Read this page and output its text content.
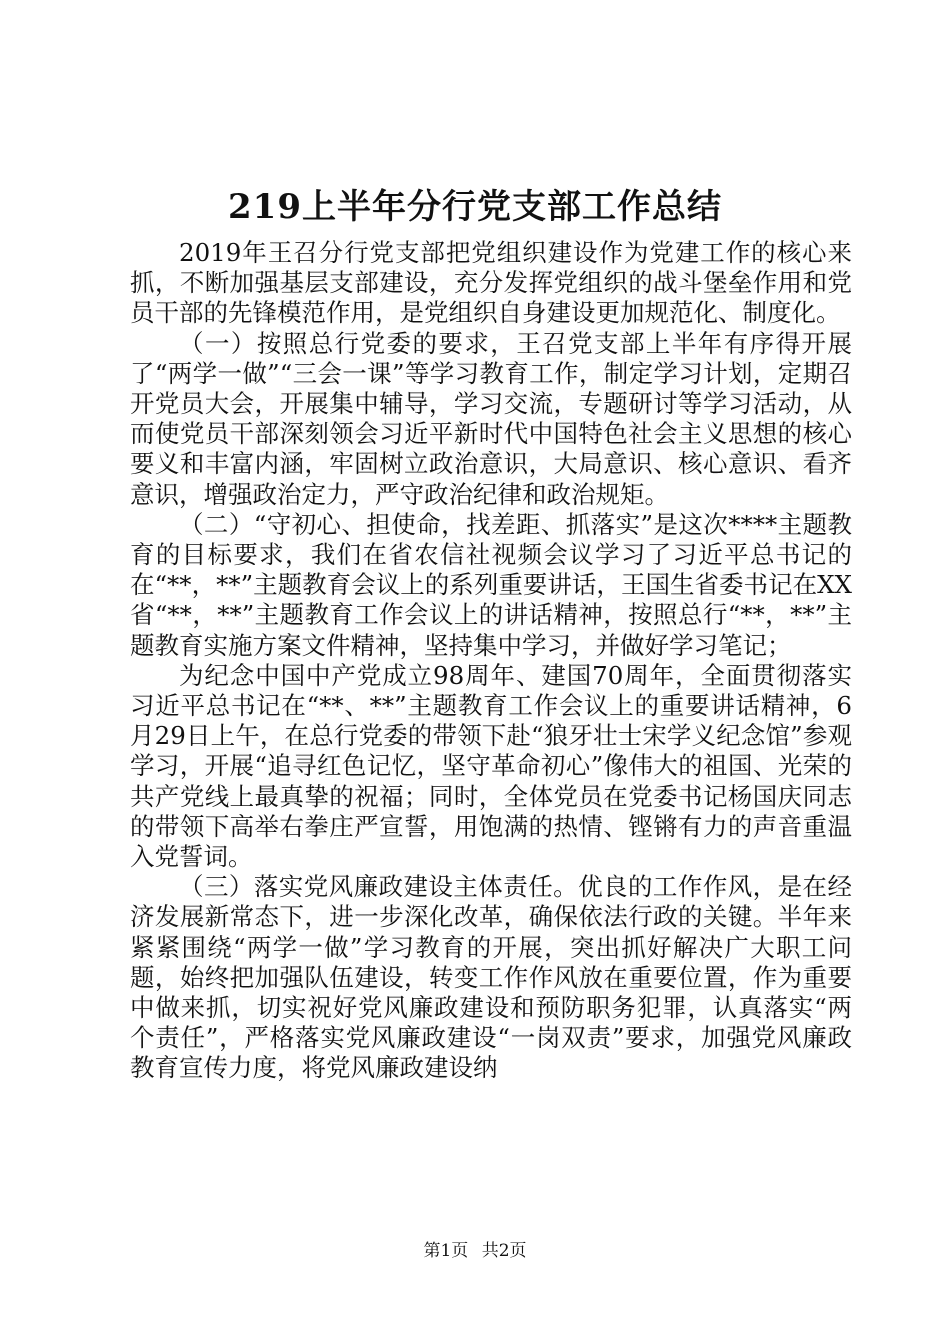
219上半年分行党支部工作总结

2019年王召分行党支部把党组织建设作为党建工作的核心来抓，不断加强基层支部建设，充分发挥党组织的战斗堡垒作用和党员干部的先锋模范作用，是党组织自身建设更加规范化、制度化。

（一）按照总行党委的要求，王召党支部上半年有序得开展了“两学一做”“三会一课”等学习教育工作，制定学习计划，定期召开党员大会，开展集中辅导，学习交流，专题研讨等学习活动，从而使党员干部深刻领会习近平新时代中国特色社会主义思想的核心要义和丰富内涵，牢固树立政治意识，大局意识、核心意识、看齐意识，增强政治定力，严守政治纪律和政治规矩。

（二）“守初心、担使命，找差距、抓落实”是这次****主题教育的目标要求，我们在省农信社视频会议学习了习近平总书记的在“**，**”主题教育会议上的系列重要讲话，王国生省委书记在XX省“**，**”主题教育工作会议上的讲话精神，按照总行“**，**”主题教育实施方案文件精神，坚持集中学习，并做好学习笔记；

为纪念中国中产党成立98周年、建国70周年，全面贯彻落实习近平总书记在“**、**”主题教育工作会议上的重要讲话精神，6月29日上午，在总行党委的带领下赴“狼牙壮士宋学义纪念馆”参观学习，开展“追寻红色记忆，坚守革命初心”像伟大的祖国、光荣的共产党线上最真挚的祝福；同时，全体党员在党委书记杨国庆同志的带领下高举右拳庄严宣誓，用饱满的热情、铿锵有力的声音重温入党誓词。

（三）落实党风廉政建设主体责任。优良的工作作风，是在经济发展新常态下，进一步深化改革，确保依法行政的关键。半年来紧紧围绕“两学一做”学习教育的开展，突出抓好解决广大职工问题，始终把加强队伍建设，转变工作作风放在重要位置，作为重要中做来抓，切实祝好党风廉政建设和预防职务犯罪，认真落实“两个责任”，严格落实党风廉政建设“一岗双责”要求，加强党风廉政教育宣传力度，将党风廉政建设纳

第1页 共2页
